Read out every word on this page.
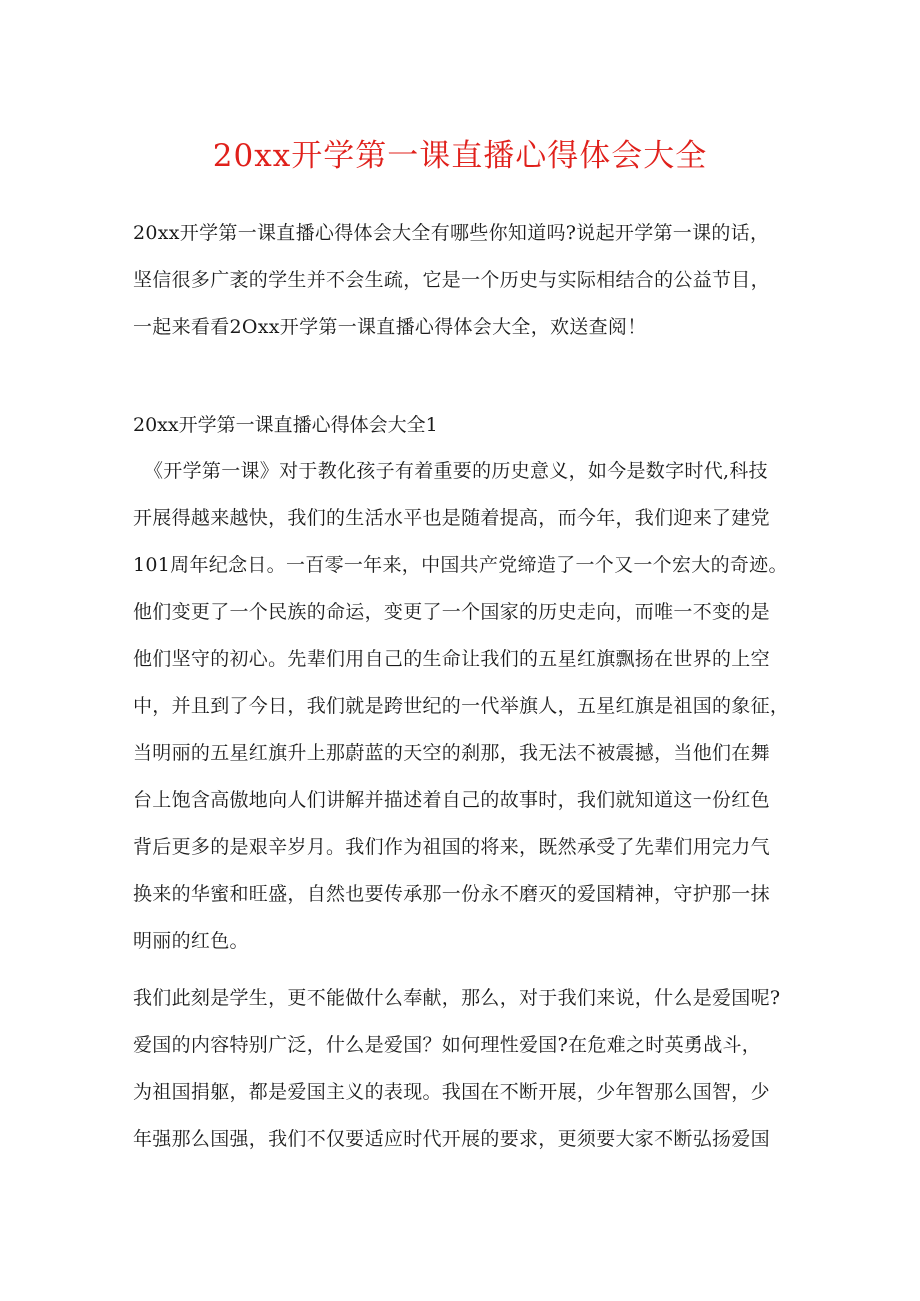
20xx开学第一课直播心得体会大全
20xx开学第一课直播心得体会大全有哪些你知道吗?说起开学第一课的话，
坚信很多广袤的学生并不会生疏，它是一个历史与实际相结合的公益节目，
一起来看看2Oxx开学第一课直播心得体会大全，欢送查阅！
20xx开学第一课直播心得体会大全1
《开学第一课》对于教化孩子有着重要的历史意义，如今是数字时代,科技
开展得越来越快，我们的生活水平也是随着提高，而今年，我们迎来了建党
101周年纪念日。一百零一年来，中国共产党缔造了一个又一个宏大的奇迹。
他们变更了一个民族的命运，变更了一个国家的历史走向，而唯一不变的是
他们坚守的初心。先辈们用自己的生命让我们的五星红旗飘扬在世界的上空
中，并且到了今日，我们就是跨世纪的一代举旗人，五星红旗是祖国的象征，
当明丽的五星红旗升上那蔚蓝的天空的刹那，我无法不被震撼，当他们在舞
台上饱含高傲地向人们讲解并描述着自己的故事时，我们就知道这一份红色
背后更多的是艰辛岁月。我们作为祖国的将来，既然承受了先辈们用完力气
换来的华蜜和旺盛，自然也要传承那一份永不磨灭的爱国精神，守护那一抹
明丽的红色。
我们此刻是学生，更不能做什么奉献，那么，对于我们来说，什么是爱国呢?
爱国的内容特别广泛，什么是爱国？如何理性爱国?在危难之时英勇战斗，
为祖国捐躯，都是爱国主义的表现。我国在不断开展，少年智那么国智，少
年强那么国强，我们不仅要适应时代开展的要求，更须要大家不断弘扬爱国
